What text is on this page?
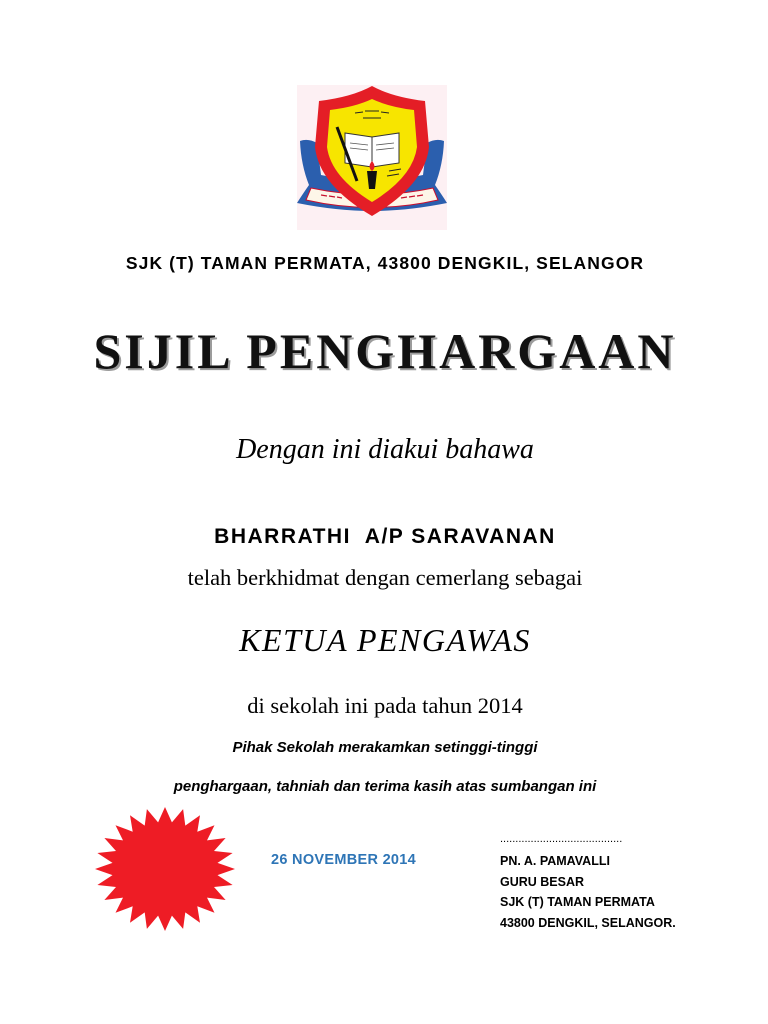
SJK (T) TAMAN PERMATA, 43800 DENGKIL, SELANGOR

SIJIL PENGHARGAAN

Dengan ini diakui bahawa

BHARRATHI  A/P SARAVANAN

telah berkhidmat dengan cemerlang sebagai

KETUA PENGAWAS

di sekolah ini pada tahun 2014

Pihak Sekolah merakamkan setinggi-tinggi

penghargaan, tahniah dan terima kasih atas sumbangan ini

26 NOVEMBER 2014
........................................
PN. A. PAMAVALLI
GURU BESAR
SJK (T) TAMAN PERMATA
43800 DENGKIL, SELANGOR.
